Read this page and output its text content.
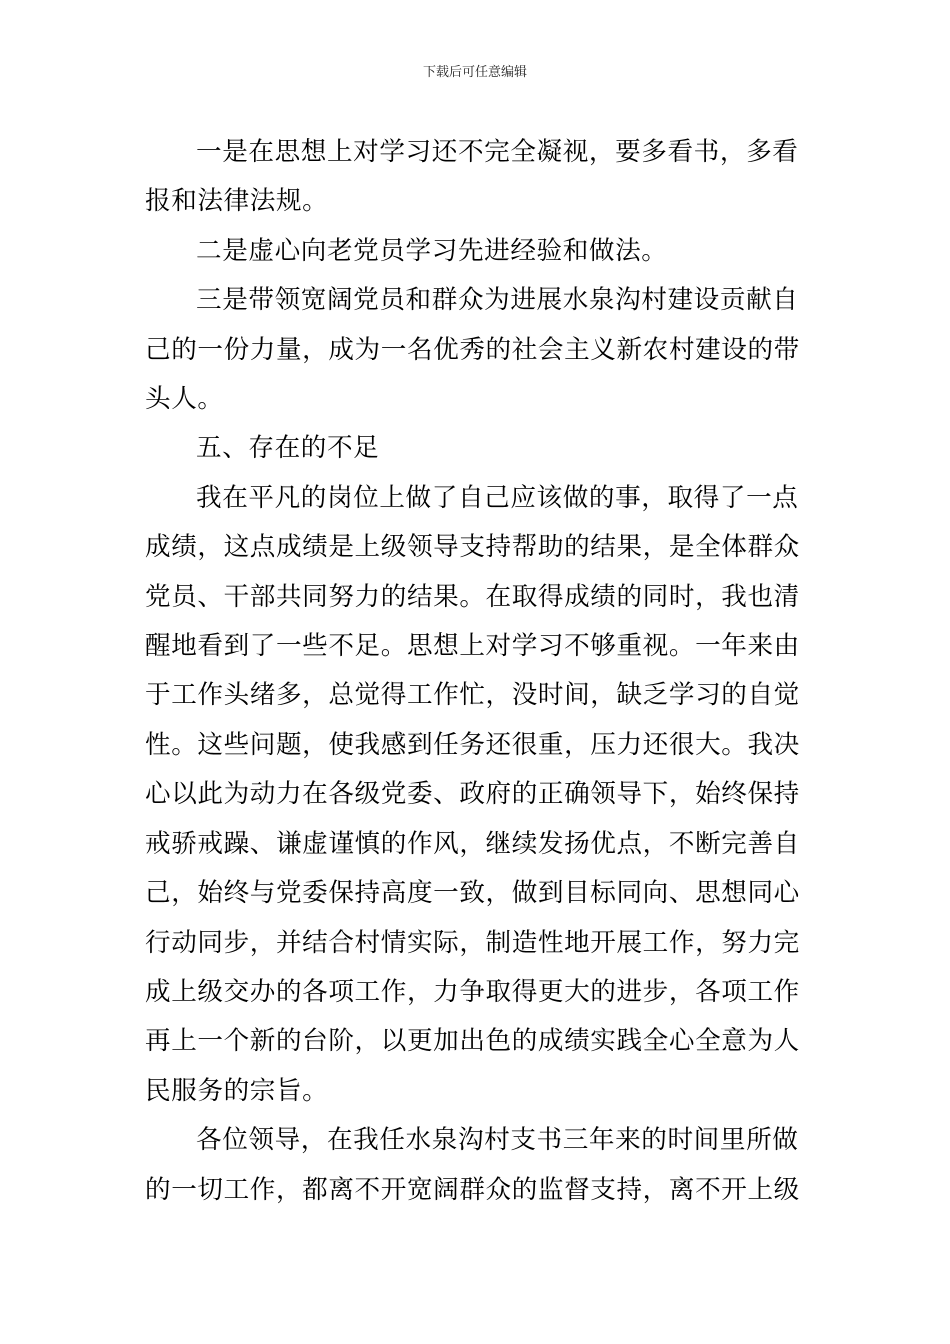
下载后可任意编辑

一是在思想上对学习还不完全凝视，要多看书，多看
报和法律法规。

二是虚心向老党员学习先进经验和做法。

三是带领宽阔党员和群众为进展水泉沟村建设贡献自
己的一份力量，成为一名优秀的社会主义新农村建设的带
头人。

五、存在的不足

我在平凡的岗位上做了自己应该做的事，取得了一点
成绩，这点成绩是上级领导支持帮助的结果，是全体群众
党员、干部共同努力的结果。在取得成绩的同时，我也清
醒地看到了一些不足。思想上对学习不够重视。一年来由
于工作头绪多，总觉得工作忙，没时间，缺乏学习的自觉
性。这些问题，使我感到任务还很重，压力还很大。我决
心以此为动力在各级党委、政府的正确领导下，始终保持
戒骄戒躁、谦虚谨慎的作风，继续发扬优点，不断完善自
己，始终与党委保持高度一致，做到目标同向、思想同心
行动同步，并结合村情实际，制造性地开展工作，努力完
成上级交办的各项工作，力争取得更大的进步，各项工作
再上一个新的台阶，以更加出色的成绩实践全心全意为人
民服务的宗旨。

各位领导，在我任水泉沟村支书三年来的时间里所做
的一切工作，都离不开宽阔群众的监督支持，离不开上级
